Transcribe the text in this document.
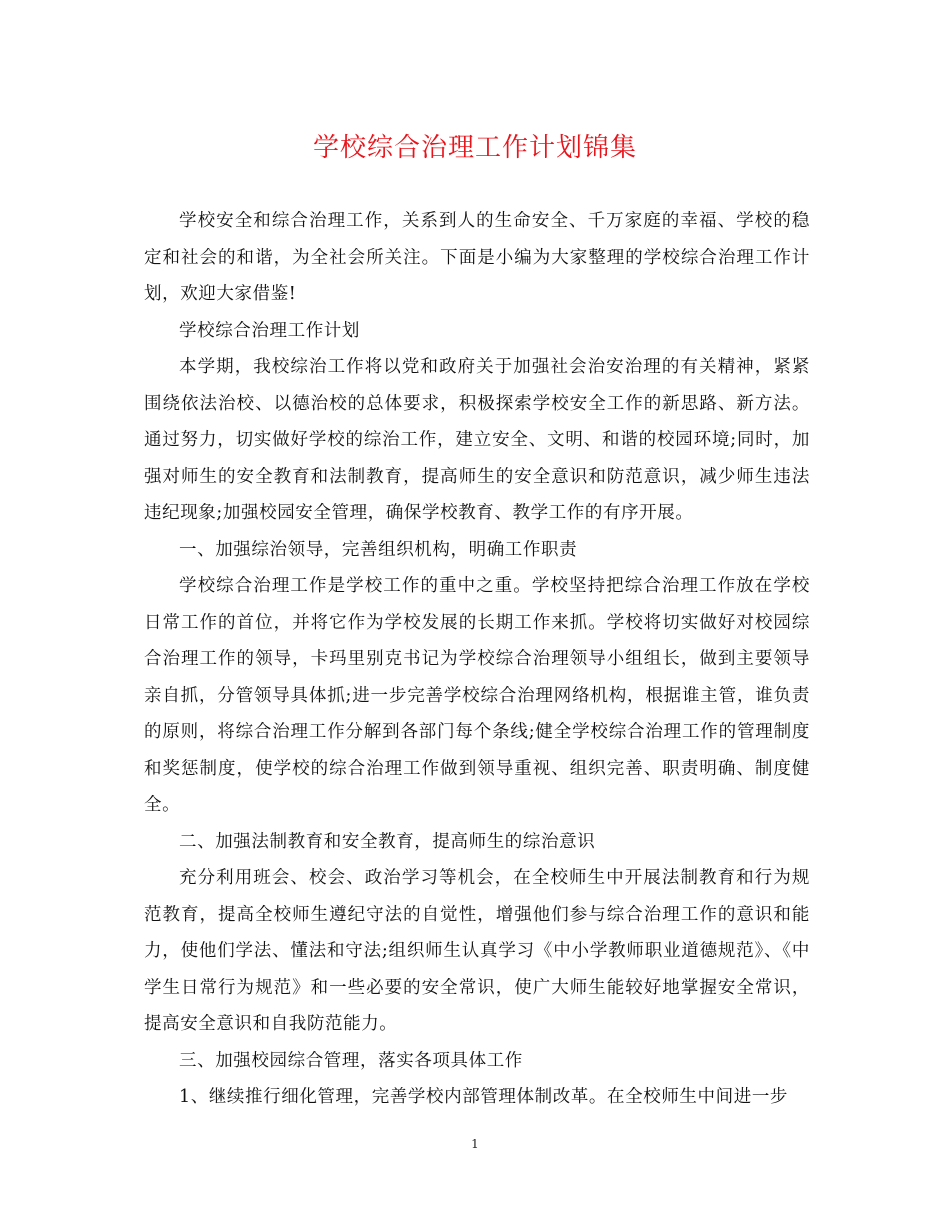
学校综合治理工作计划锦集

学校安全和综合治理工作，关系到人的生命安全、千万家庭的幸福、学校的稳定和社会的和谐，为全社会所关注。下面是小编为大家整理的学校综合治理工作计划，欢迎大家借鉴!

学校综合治理工作计划

本学期，我校综治工作将以党和政府关于加强社会治安治理的有关精神，紧紧围绕依法治校、以德治校的总体要求，积极探索学校安全工作的新思路、新方法。通过努力，切实做好学校的综治工作，建立安全、文明、和谐的校园环境;同时，加强对师生的安全教育和法制教育，提高师生的安全意识和防范意识，减少师生违法违纪现象;加强校园安全管理，确保学校教育、教学工作的有序开展。

一、加强综治领导，完善组织机构，明确工作职责

学校综合治理工作是学校工作的重中之重。学校坚持把综合治理工作放在学校日常工作的首位，并将它作为学校发展的长期工作来抓。学校将切实做好对校园综合治理工作的领导，卡玛里别克书记为学校综合治理领导小组组长，做到主要领导亲自抓，分管领导具体抓;进一步完善学校综合治理网络机构，根据谁主管，谁负责的原则，将综合治理工作分解到各部门每个条线;健全学校综合治理工作的管理制度和奖惩制度，使学校的综合治理工作做到领导重视、组织完善、职责明确、制度健全。

二、加强法制教育和安全教育，提高师生的综治意识

充分利用班会、校会、政治学习等机会，在全校师生中开展法制教育和行为规范教育，提高全校师生遵纪守法的自觉性，增强他们参与综合治理工作的意识和能力，使他们学法、懂法和守法;组织师生认真学习《中小学教师职业道德规范》、《中学生日常行为规范》和一些必要的安全常识，使广大师生能较好地掌握安全常识，提高安全意识和自我防范能力。

三、加强校园综合管理，落实各项具体工作

1、继续推行细化管理，完善学校内部管理体制改革。在全校师生中间进一步

1
